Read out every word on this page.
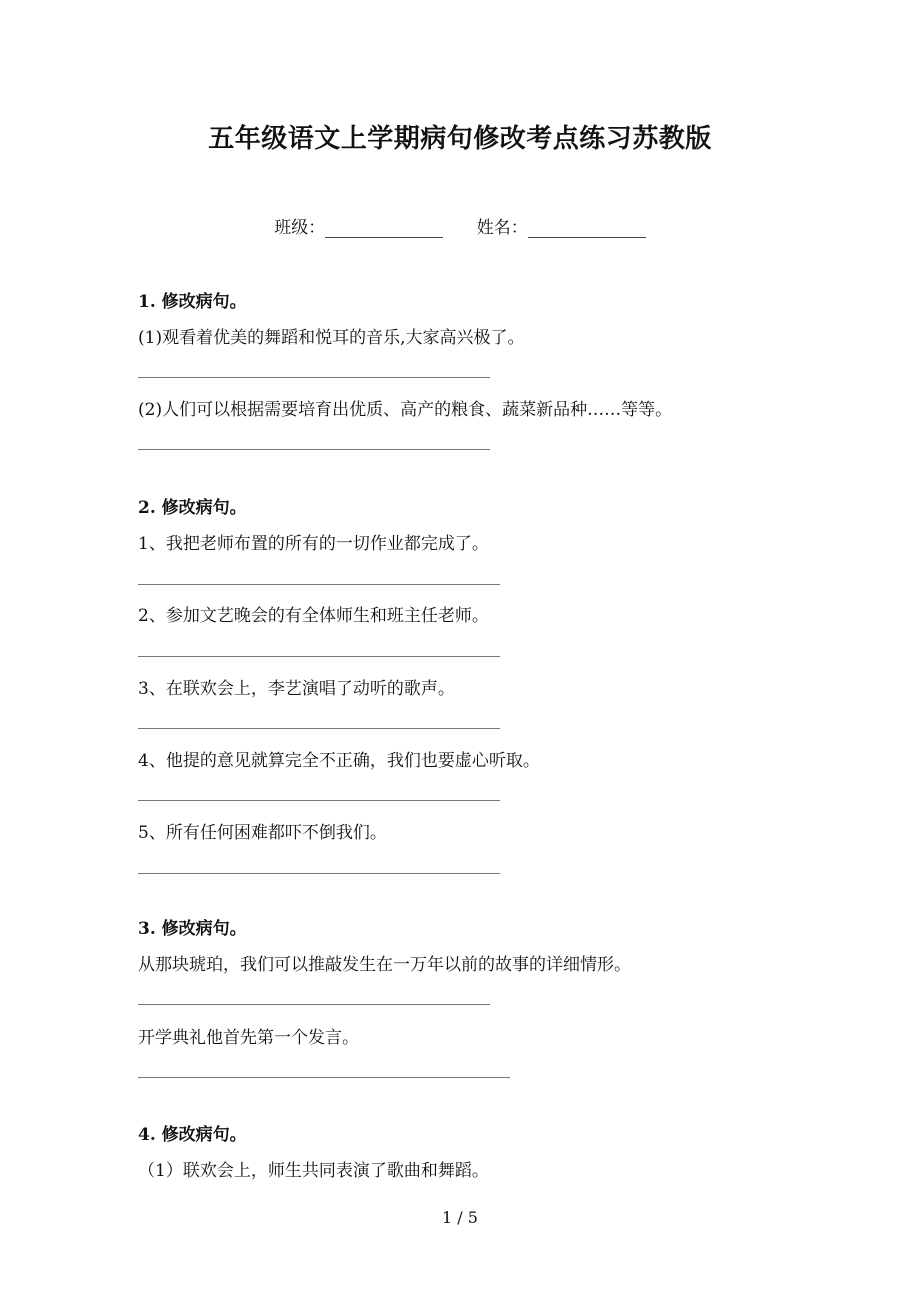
五年级语文上学期病句修改考点练习苏教版
班级：	姓名：
1. 修改病句。
(1)观看着优美的舞蹈和悦耳的音乐,大家高兴极了。
(2)人们可以根据需要培育出优质、高产的粮食、蔬菜新品种……等等。
2. 修改病句。
1、我把老师布置的所有的一切作业都完成了。
2、参加文艺晚会的有全体师生和班主任老师。
3、在联欢会上，李艺演唱了动听的歌声。
4、他提的意见就算完全不正确，我们也要虚心听取。
5、所有任何困难都吓不倒我们。
3. 修改病句。
从那块琥珀，我们可以推敲发生在一万年以前的故事的详细情形。
开学典礼他首先第一个发言。
4. 修改病句。
（1）联欢会上，师生共同表演了歌曲和舞蹈。
1 / 5
